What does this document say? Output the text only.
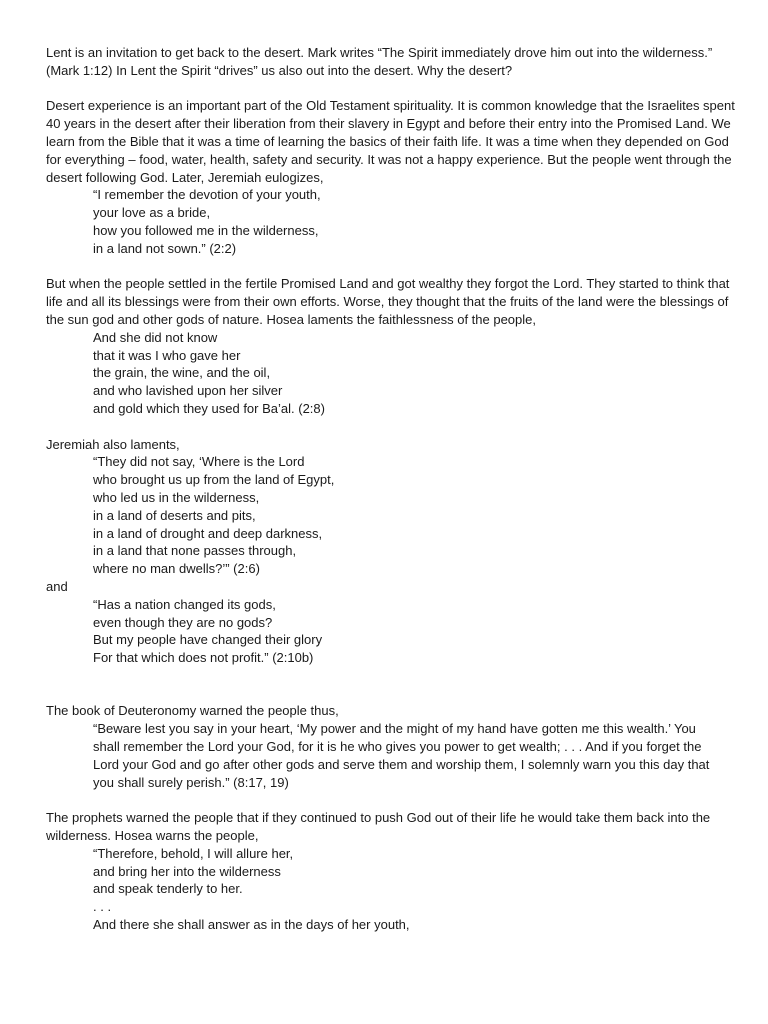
Lent is an invitation to get back to the desert. Mark writes “The Spirit immediately drove him out into the wilderness.” (Mark 1:12) In Lent the Spirit “drives” us also out into the desert. Why the desert?

Desert experience is an important part of the Old Testament spirituality. It is common knowledge that the Israelites spent 40 years in the desert after their liberation from their slavery in Egypt and before their entry into the Promised Land. We learn from the Bible that it was a time of learning the basics of their faith life. It was a time when they depended on God for everything – food, water, health, safety and security. It was not a happy experience. But the people went through the desert following God. Later, Jeremiah eulogizes,

“I remember the devotion of your youth,
your love as a bride,
how you followed me in the wilderness,
in a land not sown.” (2:2)

But when the people settled in the fertile Promised Land and got wealthy they forgot the Lord. They started to think that life and all its blessings were from their own efforts. Worse, they thought that the fruits of the land were the blessings of the sun god and other gods of nature. Hosea laments the faithlessness of the people,

And she did not know
that it was I who gave her
the grain, the wine, and the oil,
and who lavished upon her silver
and gold which they used for Ba’al. (2:8)

Jeremiah also laments,

“They did not say, ‘Where is the Lord
who brought us up from the land of Egypt,
who led us in the wilderness,
in a land of deserts and pits,
in a land of drought and deep darkness,
in a land that none passes through,
where no man dwells?’” (2:6)

and

“Has a nation changed its gods,
even though they are no gods?
But my people have changed their glory
For that which does not profit.” (2:10b)

The book of Deuteronomy warned the people thus,

“Beware lest you say in your heart, ‘My power and the might of my hand have gotten me this wealth.’ You shall remember the Lord your God, for it is he who gives you power to get wealth; . . . And if you forget the Lord your God and go after other gods and serve them and worship them, I solemnly warn you this day that you shall surely perish.” (8:17, 19)

The prophets warned the people that if they continued to push God out of their life he would take them back into the wilderness. Hosea warns the people,

“Therefore, behold, I will allure her,
and bring her into the wilderness
and speak tenderly to her.
. . .
And there she shall answer as in the days of her youth,
